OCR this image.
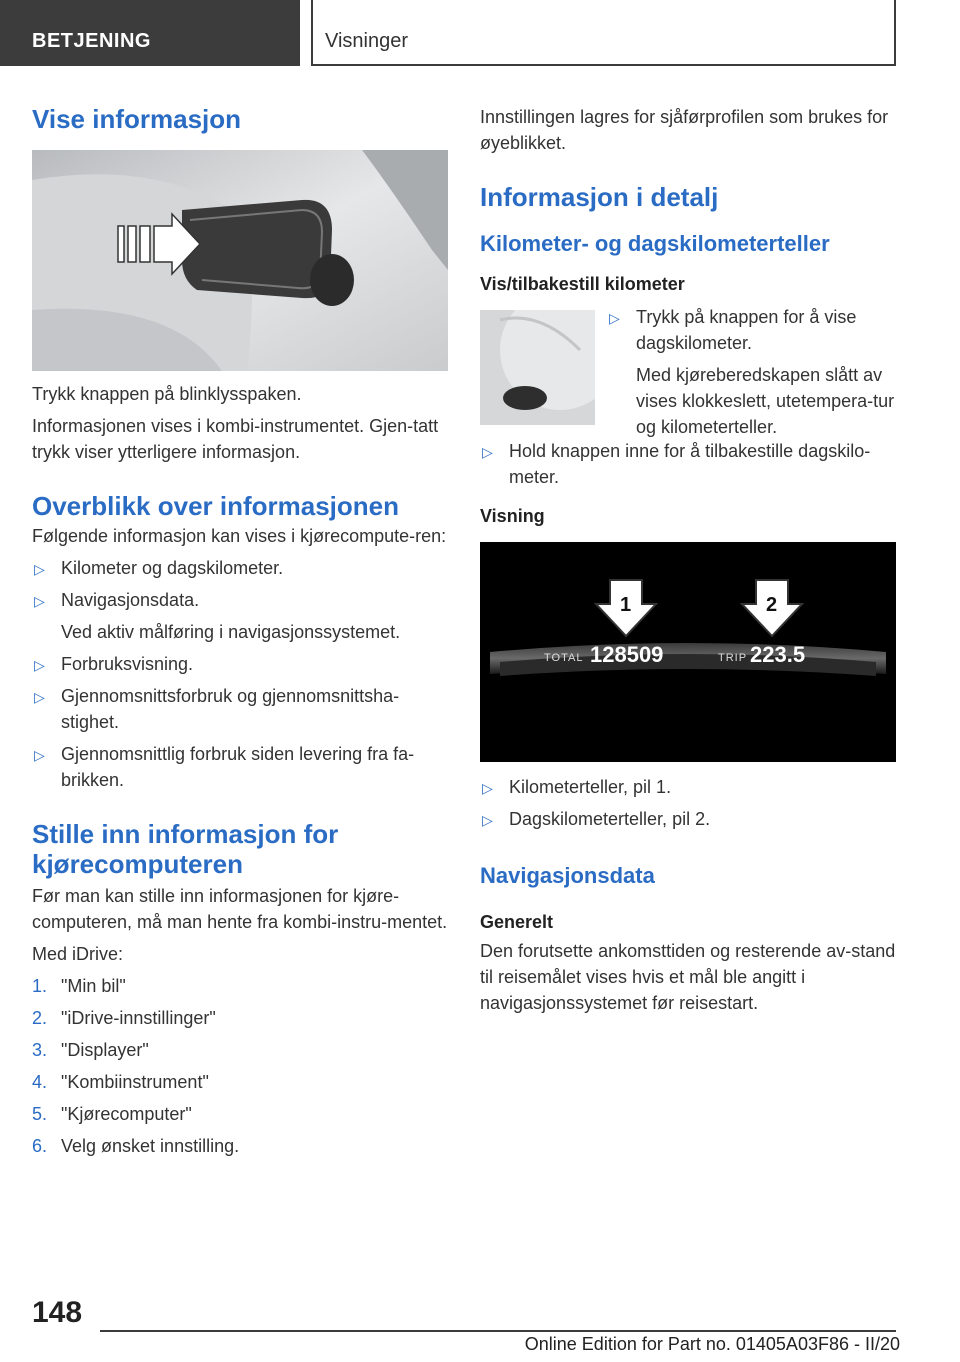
BETJENING	Visninger
Vise informasjon

Trykk knappen på blinklysspaken.

Informasjonen vises i kombi-instrumentet. Gjen-tatt trykk viser ytterligere informasjon.

Overblikk over informasjonen

Følgende informasjon kan vises i kjørecompute-ren:

▷ Kilometer og dagskilometer.
▷ Navigasjonsdata.
Ved aktiv målføring i navigasjonssystemet.
▷ Forbruksvisning.
▷ Gjennomsnittsforbruk og gjennomsnittsha-stighet.
▷ Gjennomsnittlig forbruk siden levering fra fa-brikken.
Stille inn informasjon for kjørecomputeren

Før man kan stille inn informasjonen for kjøre-computeren, må man hente fra kombi-instru-mentet.

Med iDrive:

1. "Min bil"
2. "iDrive-innstillinger"
3. "Displayer"
4. "Kombiinstrument"
5. "Kjørecomputer"
6. Velg ønsket innstilling.

Innstillingen lagres for sjåførprofilen som brukes for øyeblikket.

Informasjon i detalj
Kilometer- og dagskilometerteller
Vis/tilbakestill kilometer
▷ Trykk på knappen for å vise dagskilometer.
Med kjøreberedskapen slått av vises klokkeslett, utetempera-tur og kilometerteller.
▷ Hold knappen inne for å tilbakestille dagskilo-meter.
Visning
1	2
TOTAL 128509	TRIP 223.5
▷ Kilometerteller, pil 1.
▷ Dagskilometerteller, pil 2.
Navigasjonsdata
Generelt

Den forutsette ankomsttiden og resterende av-stand til reisemålet vises hvis et mål ble angitt i navigasjonssystemet før reisestart.

148
Online Edition for Part no. 01405A03F86 - II/20
